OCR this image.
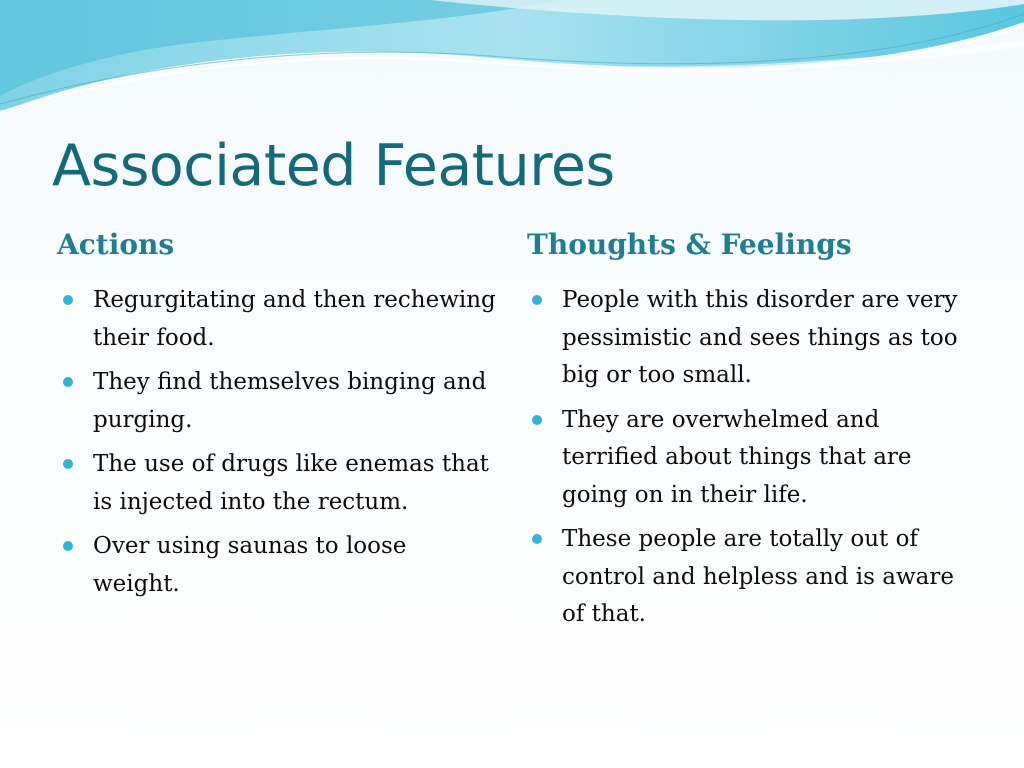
Associated Features
Actions
Regurgitating and then rechewing their food.
They find themselves binging and purging.
The use of drugs like enemas that is injected into the rectum.
Over using saunas to loose weight.
Thoughts & Feelings
People with this disorder are very pessimistic and sees things as too big or too small.
They are overwhelmed and terrified about things that are going on in their life.
These people are totally out of control and helpless and is aware of that.
